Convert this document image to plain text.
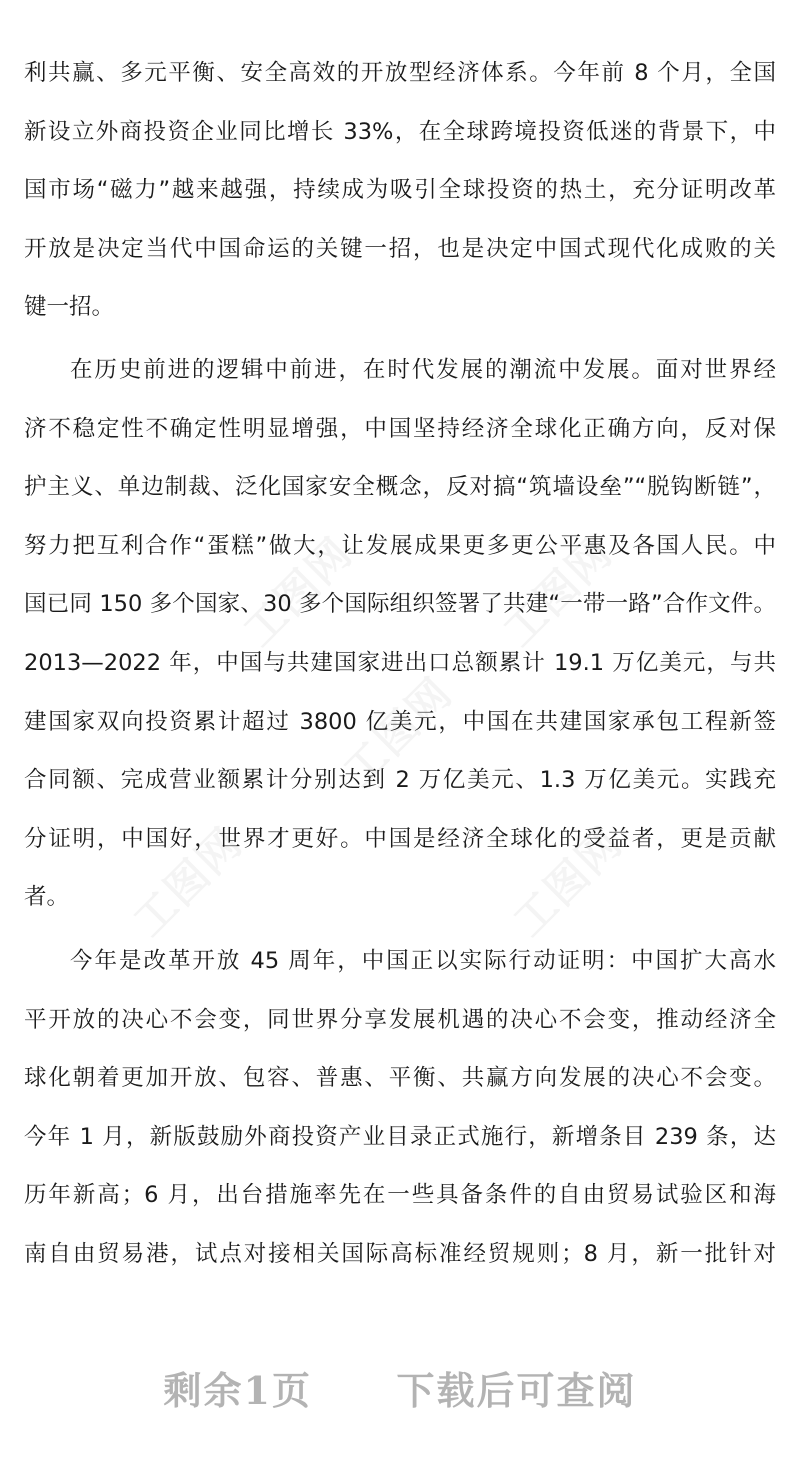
利共赢、多元平衡、安全高效的开放型经济体系。今年前 8 个月，全国
新设立外商投资企业同比增长 33%，在全球跨境投资低迷的背景下，中
国市场“磁力”越来越强，持续成为吸引全球投资的热土，充分证明改革
开放是决定当代中国命运的关键一招，也是决定中国式现代化成败的关
键一招。
在历史前进的逻辑中前进，在时代发展的潮流中发展。面对世界经
济不稳定性不确定性明显增强，中国坚持经济全球化正确方向，反对保
护主义、单边制裁、泛化国家安全概念，反对搞“筑墙设垒”“脱钩断链”，
努力把互利合作“蛋糕”做大，让发展成果更多更公平惠及各国人民。中
国已同 150 多个国家、30 多个国际组织签署了共建“一带一路”合作文件。
2013—2022 年，中国与共建国家进出口总额累计 19.1 万亿美元，与共
建国家双向投资累计超过 3800 亿美元，中国在共建国家承包工程新签
合同额、完成营业额累计分别达到 2 万亿美元、1.3 万亿美元。实践充
分证明，中国好，世界才更好。中国是经济全球化的受益者，更是贡献
者。
今年是改革开放 45 周年，中国正以实际行动证明：中国扩大高水
平开放的决心不会变，同世界分享发展机遇的决心不会变，推动经济全
球化朝着更加开放、包容、普惠、平衡、共赢方向发展的决心不会变。
今年 1 月，新版鼓励外商投资产业目录正式施行，新增条目 239 条，达
历年新高；6 月，出台措施率先在一些具备条件的自由贸易试验区和海
南自由贸易港，试点对接相关国际高标准经贸规则；8 月，新一批针对
剩余1页 下载后可查阅
